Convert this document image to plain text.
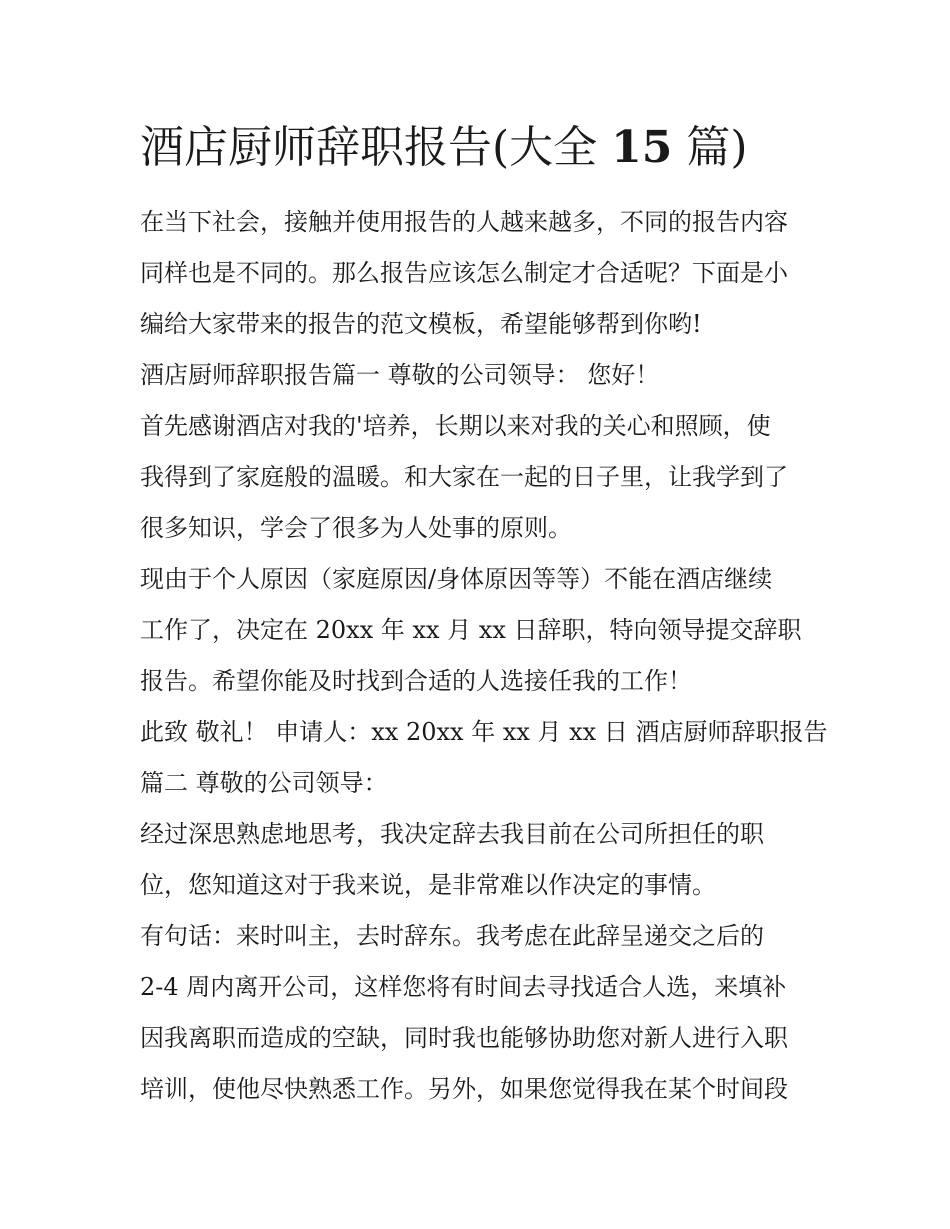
酒店厨师辞职报告(大全 15 篇)

在当下社会，接触并使用报告的人越来越多，不同的报告内容

同样也是不同的。那么报告应该怎么制定才合适呢？下面是小

编给大家带来的报告的范文模板，希望能够帮到你哟!

酒店厨师辞职报告篇一 尊敬的公司领导： 您好！

首先感谢酒店对我的'培养，长期以来对我的关心和照顾，使

我得到了家庭般的温暖。和大家在一起的日子里，让我学到了

很多知识，学会了很多为人处事的原则。

现由于个人原因（家庭原因/身体原因等等）不能在酒店继续

工作了，决定在 20xx 年 xx 月 xx 日辞职，特向领导提交辞职

报告。希望你能及时找到合适的人选接任我的工作！

此致 敬礼！ 申请人：xx 20xx 年 xx 月 xx 日 酒店厨师辞职报告

篇二 尊敬的公司领导：

经过深思熟虑地思考，我决定辞去我目前在公司所担任的职

位，您知道这对于我来说，是非常难以作决定的事情。

有句话：来时叫主，去时辞东。我考虑在此辞呈递交之后的

2-4 周内离开公司，这样您将有时间去寻找适合人选，来填补

因我离职而造成的空缺，同时我也能够协助您对新人进行入职

培训，使他尽快熟悉工作。另外，如果您觉得我在某个时间段
